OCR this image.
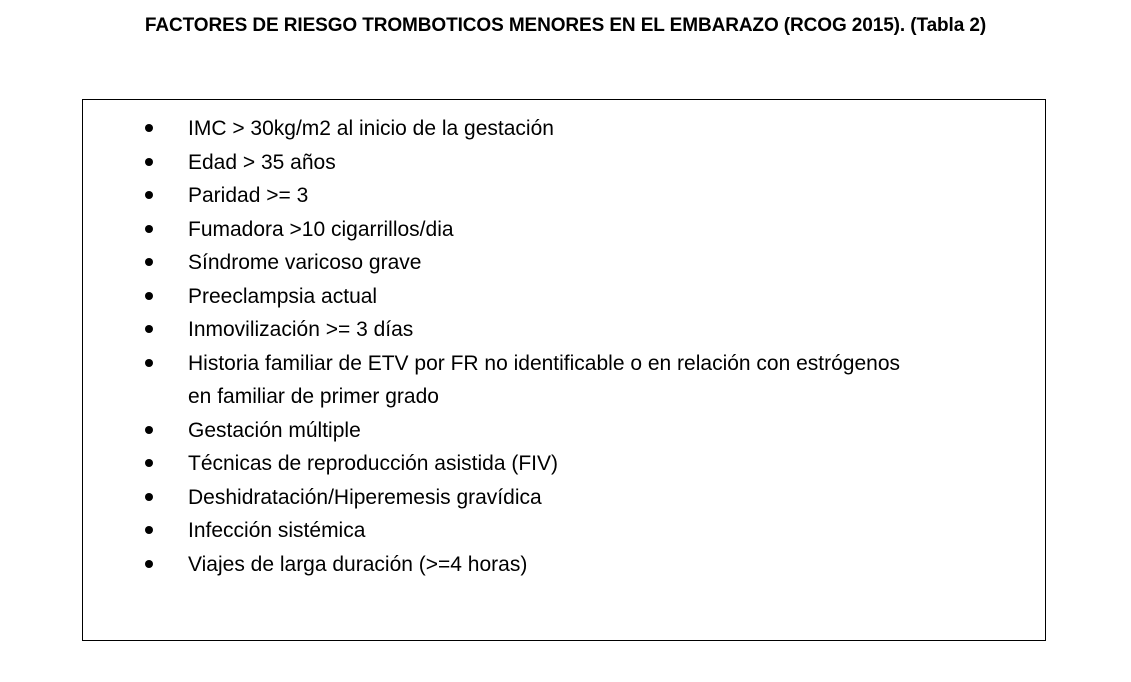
FACTORES DE RIESGO TROMBOTICOS MENORES EN EL EMBARAZO (RCOG 2015). (Tabla 2)
IMC > 30kg/m2 al inicio de la gestación
Edad > 35 años
Paridad >= 3
Fumadora >10 cigarrillos/dia
Síndrome varicoso grave
Preeclampsia actual
Inmovilización >= 3 días
Historia familiar de ETV por FR no identificable o en relación con estrógenos
en familiar de primer grado
Gestación múltiple
Técnicas de reproducción asistida (FIV)
Deshidratación/Hiperemesis gravídica
Infección sistémica
Viajes de larga duración (>=4 horas)
